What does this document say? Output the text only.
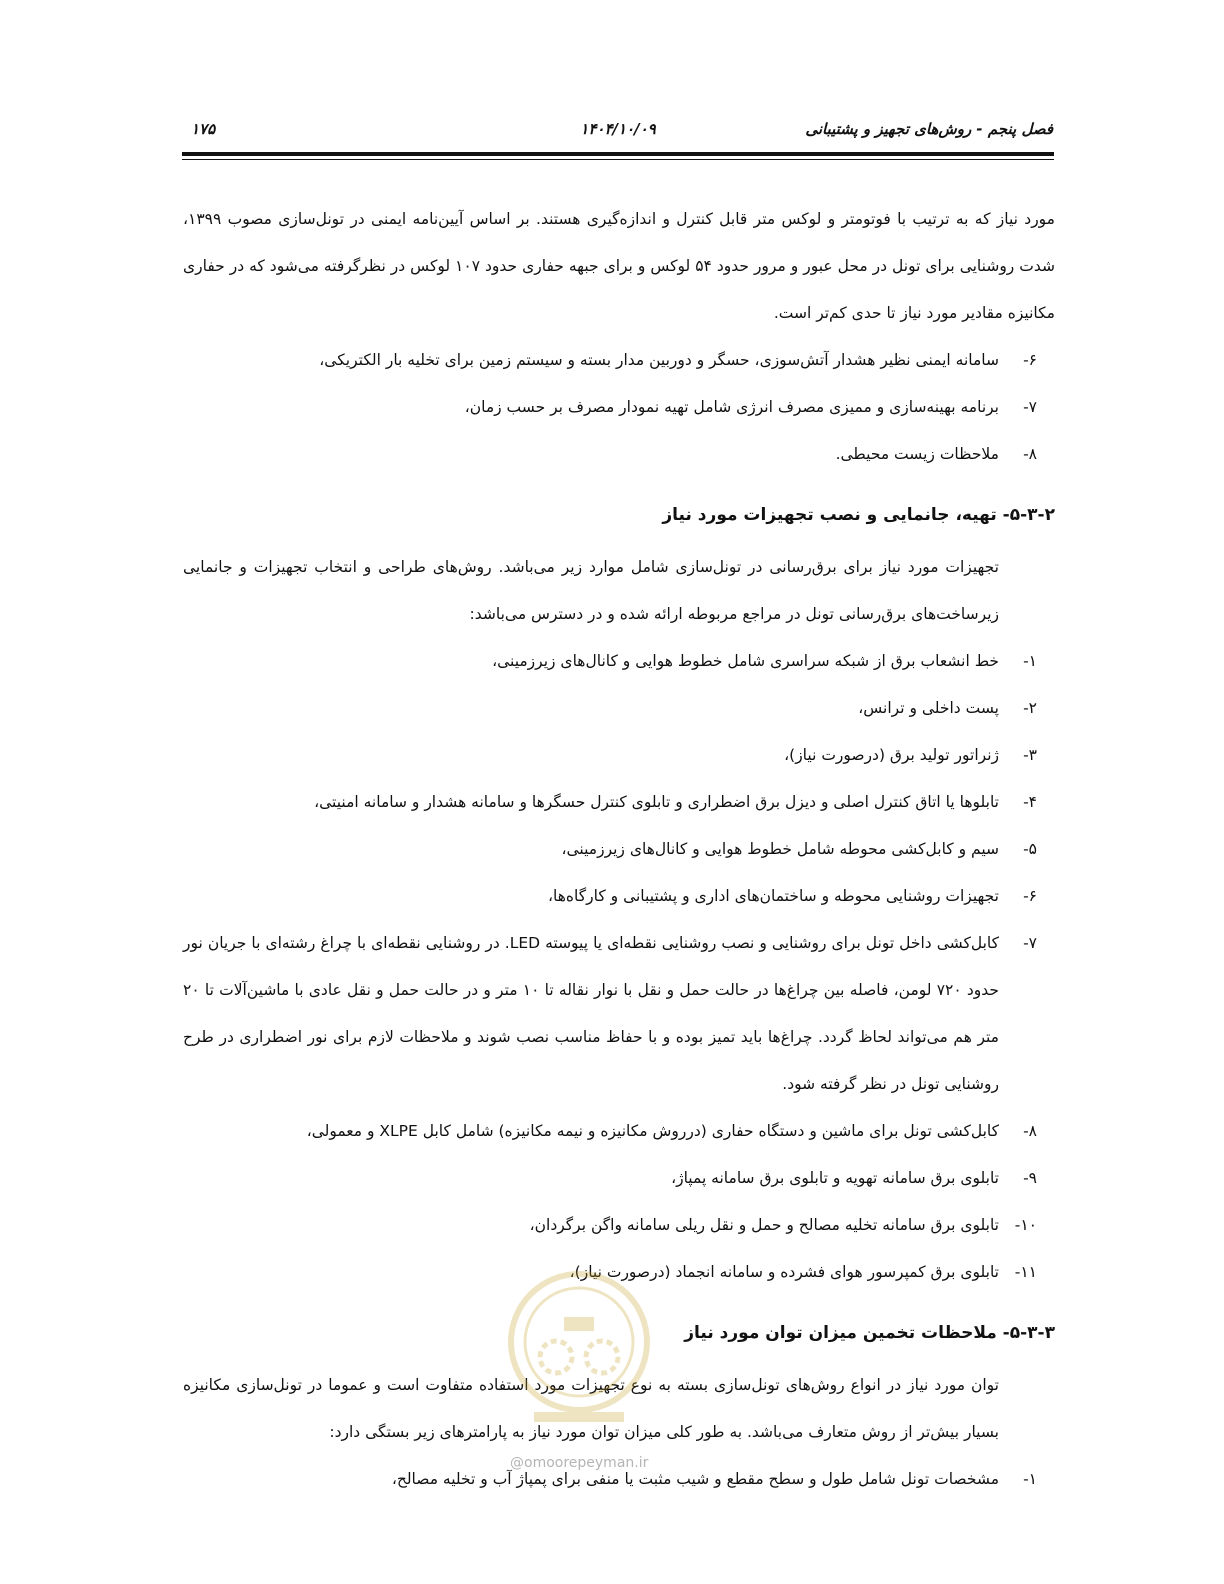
فصل پنجم - روش‌های تجهیز و پشتیبانی
۱۴۰۴/۱۰/۰۹
۱۷۵

مورد نیاز که به ترتیب با فوتومتر و لوکس متر قابل کنترل و اندازه‌گیری هستند. بر اساس آیین‌نامه ایمنی در تونل‌سازی مصوب ۱۳۹۹، شدت روشنایی برای تونل در محل عبور و مرور حدود ۵۴ لوکس و برای جبهه حفاری حدود ۱۰۷ لوکس در نظرگرفته می‌شود که در حفاری مکانیزه مقادیر مورد نیاز تا حدی کم‌تر است.

۶-
سامانه ایمنی نظیر هشدار آتش‌سوزی، حسگر و دوربین مدار بسته و سیستم زمین برای تخلیه بار الکتریکی،
۷-
برنامه بهینه‌سازی و ممیزی مصرف انرژی شامل تهیه نمودار مصرف بر حسب زمان،
۸-
ملاحظات زیست محیطی.
۵-۳-۲- تهیه، جانمایی و نصب تجهیزات مورد نیاز

تجهیزات مورد نیاز برای برق‌رسانی در تونل‌سازی شامل موارد زیر می‌باشد. روش‌های طراحی و انتخاب تجهیزات و جانمایی زیرساخت‌های برق‌رسانی تونل در مراجع مربوطه ارائه شده و در دسترس می‌باشد:

۱-
خط انشعاب برق از شبکه سراسری شامل خطوط هوایی و کانال‌های زیرزمینی،
۲-
پست داخلی و ترانس،
۳-
ژنراتور تولید برق (درصورت نیاز)،
۴-
تابلوها یا اتاق کنترل اصلی و دیزل برق اضطراری و تابلوی کنترل حسگرها و سامانه هشدار و سامانه امنیتی،
۵-
سیم و کابل‌کشی محوطه شامل خطوط هوایی و کانال‌های زیرزمینی،
۶-
تجهیزات روشنایی محوطه و ساختمان‌های اداری و پشتیبانی و کارگاه‌ها،
۷-
کابل‌کشی داخل تونل برای روشنایی و نصب روشنایی نقطه‌ای یا پیوسته LED. در روشنایی نقطه‌ای با چراغ رشته‌ای با جریان نور حدود ۷۲۰ لومن، فاصله بین چراغ‌ها در حالت حمل و نقل با نوار نقاله تا ۱۰ متر و در حالت حمل و نقل عادی با ماشین‌آلات تا ۲۰ متر هم می‌تواند لحاظ گردد. چراغ‌ها باید تمیز بوده و با حفاظ مناسب نصب شوند و ملاحظات لازم برای نور اضطراری در طرح روشنایی تونل در نظر گرفته شود.
۸-
کابل‌کشی تونل برای ماشین و دستگاه حفاری (درروش مکانیزه و نیمه مکانیزه) شامل کابل XLPE و معمولی،
۹-
تابلوی برق سامانه تهویه و تابلوی برق سامانه پمپاژ،
۱۰-
تابلوی برق سامانه تخلیه مصالح و حمل و نقل ریلی سامانه واگن برگردان،
۱۱-
تابلوی برق کمپرسور هوای فشرده و سامانه انجماد (درصورت نیاز)،
۵-۳-۳- ملاحظات تخمین میزان توان مورد نیاز

توان مورد نیاز در انواع روش‌های تونل‌سازی بسته به نوع تجهیزات مورد استفاده متفاوت است و عموما در تونل‌سازی مکانیزه بسیار بیش‌تر از روش متعارف می‌باشد. به طور کلی میزان توان مورد نیاز به پارامترهای زیر بستگی دارد:

۱-
مشخصات تونل شامل طول و سطح مقطع و شیب مثبت یا منفی برای پمپاژ آب و تخلیه مصالح،
@omoorepeyman.ir
